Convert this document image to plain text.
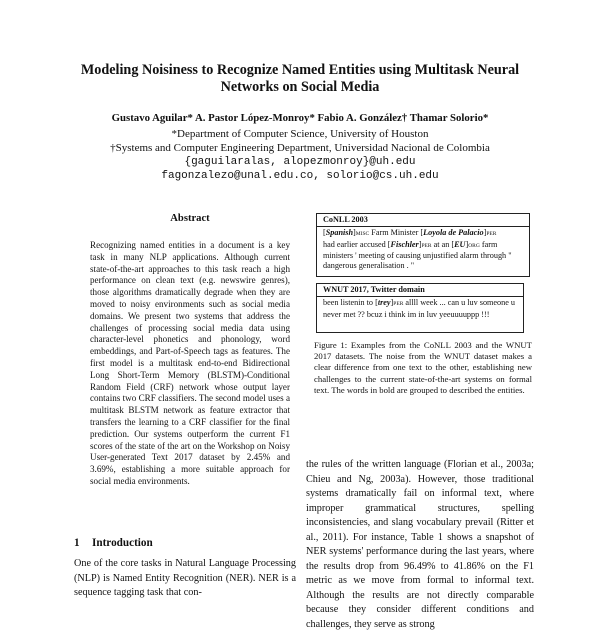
Modeling Noisiness to Recognize Named Entities using Multitask Neural Networks on Social Media
Gustavo Aguilar* A. Pastor López-Monroy* Fabio A. González† Thamar Solorio*
*Department of Computer Science, University of Houston
†Systems and Computer Engineering Department, Universidad Nacional de Colombia
{gaguilaralas, alopezmonroy}@uh.edu
fagonzalezo@unal.edu.co, solorio@cs.uh.edu
Abstract
Recognizing named entities in a document is a key task in many NLP applications. Although current state-of-the-art approaches to this task reach a high performance on clean text (e.g. newswire genres), those algorithms dramatically degrade when they are moved to noisy environments such as social media domains. We present two systems that address the challenges of processing social media data using character-level phonetics and phonology, word embeddings, and Part-of-Speech tags as features. The first model is a multitask end-to-end Bidirectional Long Short-Term Memory (BLSTM)-Conditional Random Field (CRF) network whose output layer contains two CRF classifiers. The second model uses a multitask BLSTM network as feature extractor that transfers the learning to a CRF classifier for the final prediction. Our systems outperform the current F1 scores of the state of the art on the Workshop on Noisy User-generated Text 2017 dataset by 2.45% and 3.69%, establishing a more suitable approach for social media environments.
1 Introduction
One of the core tasks in Natural Language Processing (NLP) is Named Entity Recognition (NER). NER is a sequence tagging task that con-
CoNLL 2003
[Spanish]MISC Farm Minister [Loyola de Palacio]PER
had earlier accused [Fischler]PER at an [EU]ORG farm ministers ' meeting of causing unjustified alarm through " dangerous generalisation . "
WNUT 2017, Twitter domain
been listenin to [trey]PER allll week ... can u luv someone u never met ?? bcuz i think im in luv yeeuuuuppp !!!
Figure 1: Examples from the CoNLL 2003 and the WNUT 2017 datasets. The noise from the WNUT dataset makes a clear difference from one text to the other, establishing new challenges to the current state-of-the-art systems on formal text. The words in bold are grouped to described the entities.
the rules of the written language (Florian et al., 2003a; Chieu and Ng, 2003a). However, those traditional systems dramatically fail on informal text, where improper grammatical structures, spelling inconsistencies, and slang vocabulary prevail (Ritter et al., 2011). For instance, Table 1 shows a snapshot of NER systems' performance during the last years, where the results drop from 96.49% to 41.86% on the F1 metric as we move from formal to informal text. Although the results are not directly comparable because they consider different conditions and challenges, they serve as strong
